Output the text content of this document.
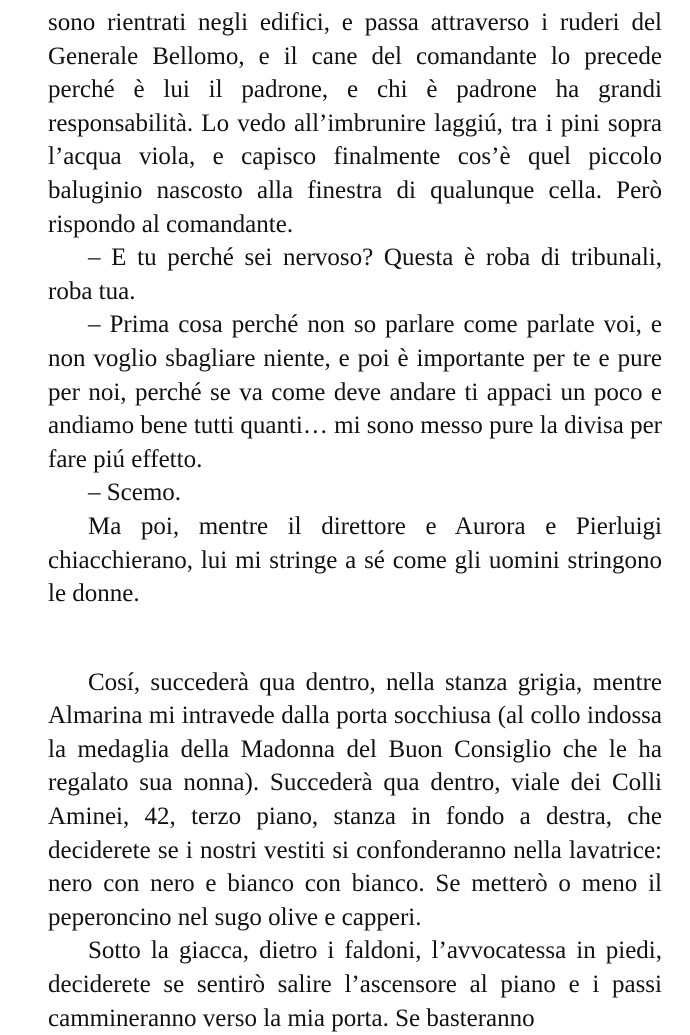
sono rientrati negli edifici, e passa attraverso i ruderi del Generale Bellomo, e il cane del comandante lo precede perché è lui il padrone, e chi è padrone ha grandi responsabilità. Lo vedo all’imbrunire laggiú, tra i pini sopra l’acqua viola, e capisco finalmente cos’è quel piccolo baluginio nascosto alla finestra di qualunque cella. Però rispondo al comandante.

– E tu perché sei nervoso? Questa è roba di tribunali, roba tua.

– Prima cosa perché non so parlare come parlate voi, e non voglio sbagliare niente, e poi è importante per te e pure per noi, perché se va come deve andare ti appaci un poco e andiamo bene tutti quanti… mi sono messo pure la divisa per fare piú effetto.

– Scemo.

Ma poi, mentre il direttore e Aurora e Pierluigi chiacchierano, lui mi stringe a sé come gli uomini stringono le donne.

Cosí, succederà qua dentro, nella stanza grigia, mentre Almarina mi intravede dalla porta socchiusa (al collo indossa la medaglia della Madonna del Buon Consiglio che le ha regalato sua nonna). Succederà qua dentro, viale dei Colli Aminei, 42, terzo piano, stanza in fondo a destra, che deciderete se i nostri vestiti si confonderanno nella lavatrice: nero con nero e bianco con bianco. Se metterò o meno il peperoncino nel sugo olive e capperi.

Sotto la giacca, dietro i faldoni, l’avvocatessa in piedi, deciderete se sentirò salire l’ascensore al piano e i passi cammineranno verso la mia porta. Se basteranno
